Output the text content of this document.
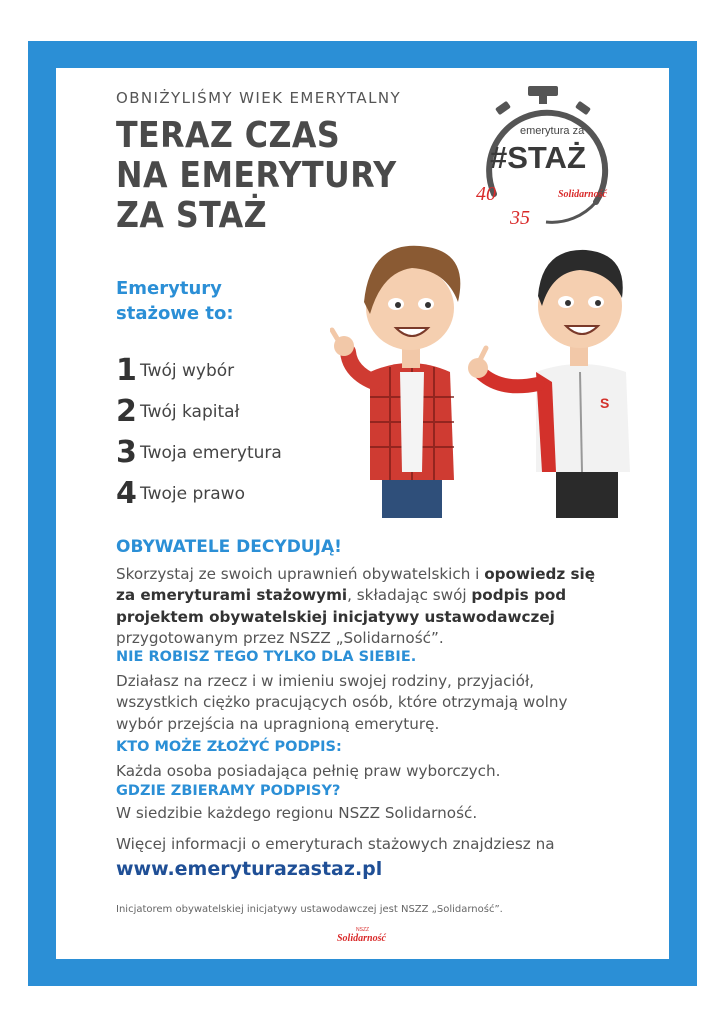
OBNIŻYLIŚMY WIEK EMERYTALNY
TERAZ CZAS
NA EMERYTURY
ZA STAŻ
emerytura za
#STAŻ
40
35
Solidarność
Emerytury
stażowe to:
1 Twój wybór
2 Twój kapitał
3 Twoja emerytura
4 Twoje prawo
S
OBYWATELE DECYDUJĄ!
Skorzystaj ze swoich uprawnień obywatelskich i opowiedz się za emeryturami stażowymi, składając swój podpis pod projektem obywatelskiej inicjatywy ustawodawczej przygotowanym przez NSZZ „Solidarność”.
NIE ROBISZ TEGO TYLKO DLA SIEBIE.
Działasz na rzecz i w imieniu swojej rodziny, przyjaciół, wszystkich ciężko pracujących osób, które otrzymają wolny wybór przejścia na upragnioną emeryturę.
KTO MOŻE ZŁOŻYĆ PODPIS:
Każda osoba posiadająca pełnię praw wyborczych.
GDZIE ZBIERAMY PODPISY?
W siedzibie każdego regionu NSZZ Solidarność.
Więcej informacji o emeryturach stażowych znajdziesz na
www.emeryturazastaz.pl
Inicjatorem obywatelskiej inicjatywy ustawodawczej jest NSZZ „Solidarność”.
NSZZ
Solidarność
